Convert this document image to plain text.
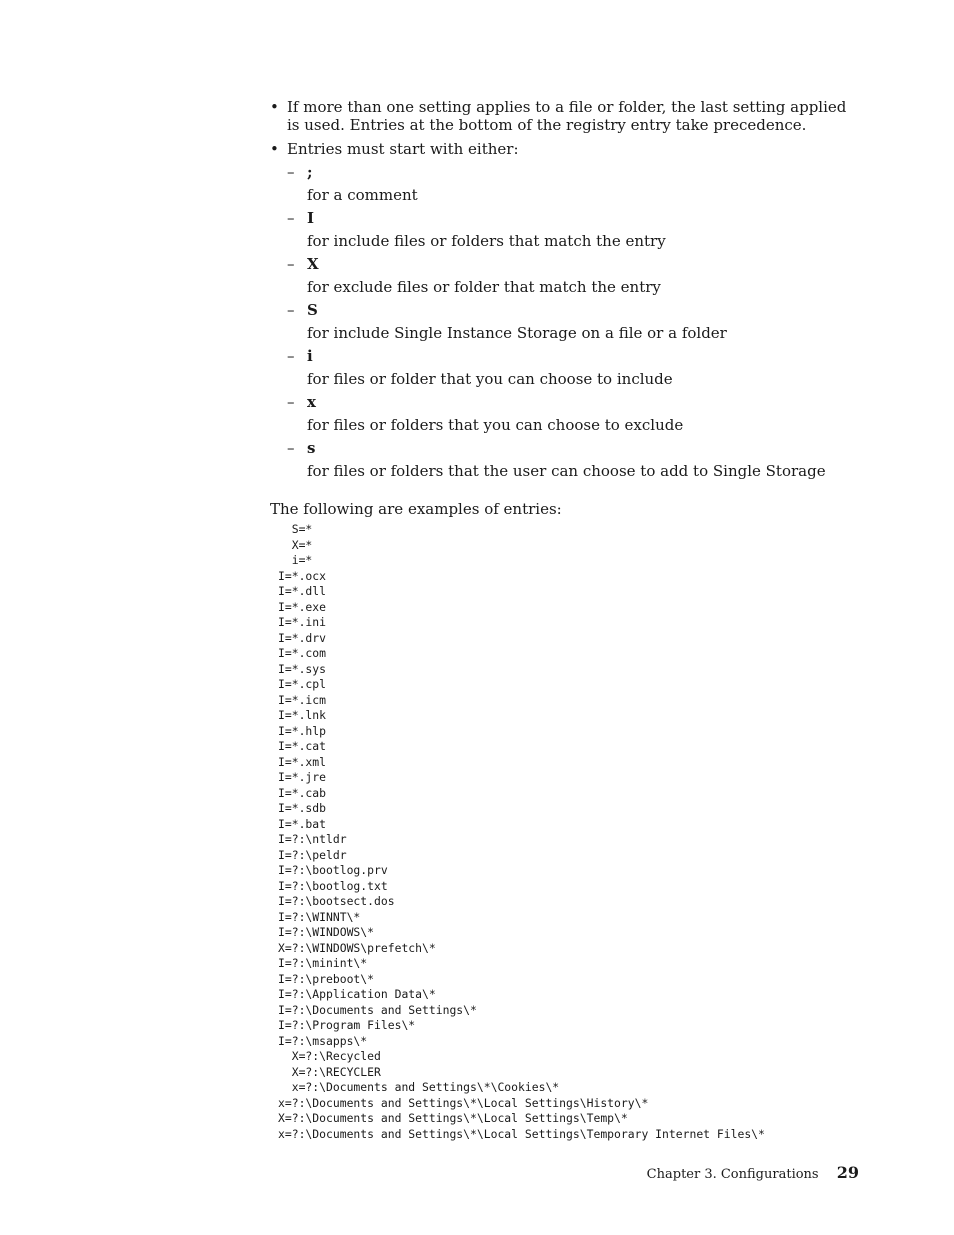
• If more than one setting applies to a file or folder, the last setting applied is used. Entries at the bottom of the registry entry take precedence.
• Entries must start with either:
– ;
for a comment
– I
for include files or folders that match the entry
– X
for exclude files or folder that match the entry
– S
for include Single Instance Storage on a file or a folder
– i
for files or folder that you can choose to include
– x
for files or folders that you can choose to exclude
– s
for files or folders that the user can choose to add to Single Storage

The following are examples of entries:

S=*
X=*
i=*
I=*.ocx
I=*.dll
I=*.exe
I=*.ini
I=*.drv
I=*.com
I=*.sys
I=*.cpl
I=*.icm
I=*.lnk
I=*.hlp
I=*.cat
I=*.xml
I=*.jre
I=*.cab
I=*.sdb
I=*.bat
I=?:\ntldr
I=?:\peldr
I=?:\bootlog.prv
I=?:\bootlog.txt
I=?:\bootsect.dos
I=?:\WINNT\*
I=?:\WINDOWS\*
X=?:\WINDOWS\prefetch\*
I=?:\minint\*
I=?:\preboot\*
I=?:\Application Data\*
I=?:\Documents and Settings\*
I=?:\Program Files\*
I=?:\msapps\*
X=?:\Recycled
X=?:\RECYCLER
x=?:\Documents and Settings\*\Cookies\*
x=?:\Documents and Settings\*\Local Settings\History\*
X=?:\Documents and Settings\*\Local Settings\Temp\*
x=?:\Documents and Settings\*\Local Settings\Temporary Internet Files\*
Chapter 3. Configurations 29
